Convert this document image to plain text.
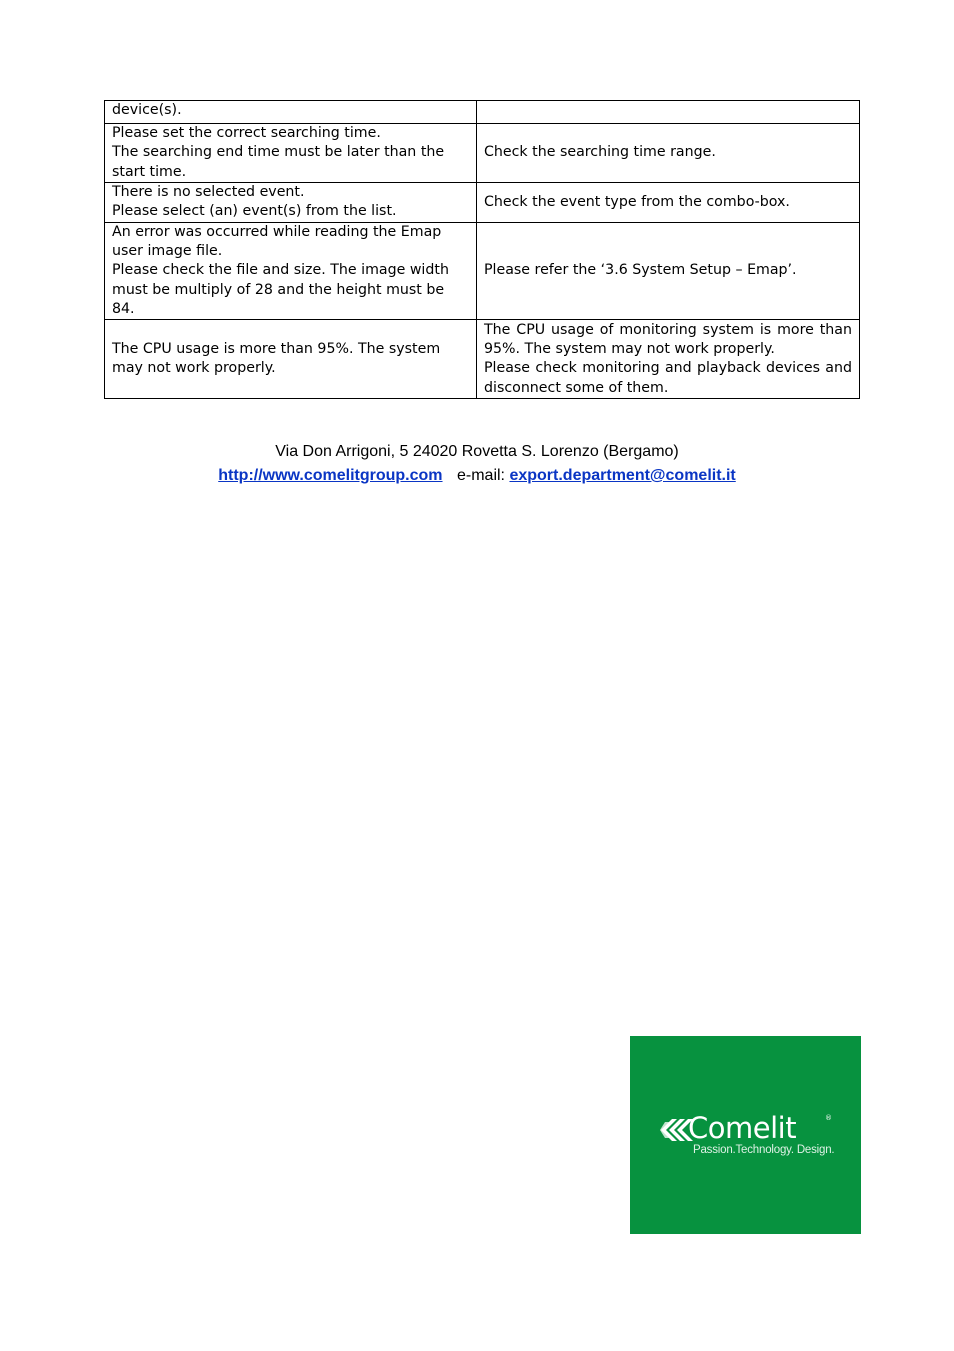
device(s).	

Please set the correct searching time.
The searching end time must be later than the
start time.	Check the searching time range.

There is no selected event.
Please select (an) event(s) from the list.	Check the event type from the combo-box.

An error was occurred while reading the Emap
user image file.
Please check the file and size. The image width
must be multiply of 28 and the height must be
84.	Please refer the ‘3.6 System Setup – Emap’.

The CPU usage is more than 95%. The system
may not work properly.	The CPU usage of monitoring system is more than
95%. The system may not work properly.
Please check monitoring and playback devices and
disconnect some of them.
Via Don Arrigoni, 5 24020 Rovetta S. Lorenzo (Bergamo)
http://www.comelitgroup.com e-mail: export.department@comelit.it
Comelit	®
Passion.Technology. Design.
